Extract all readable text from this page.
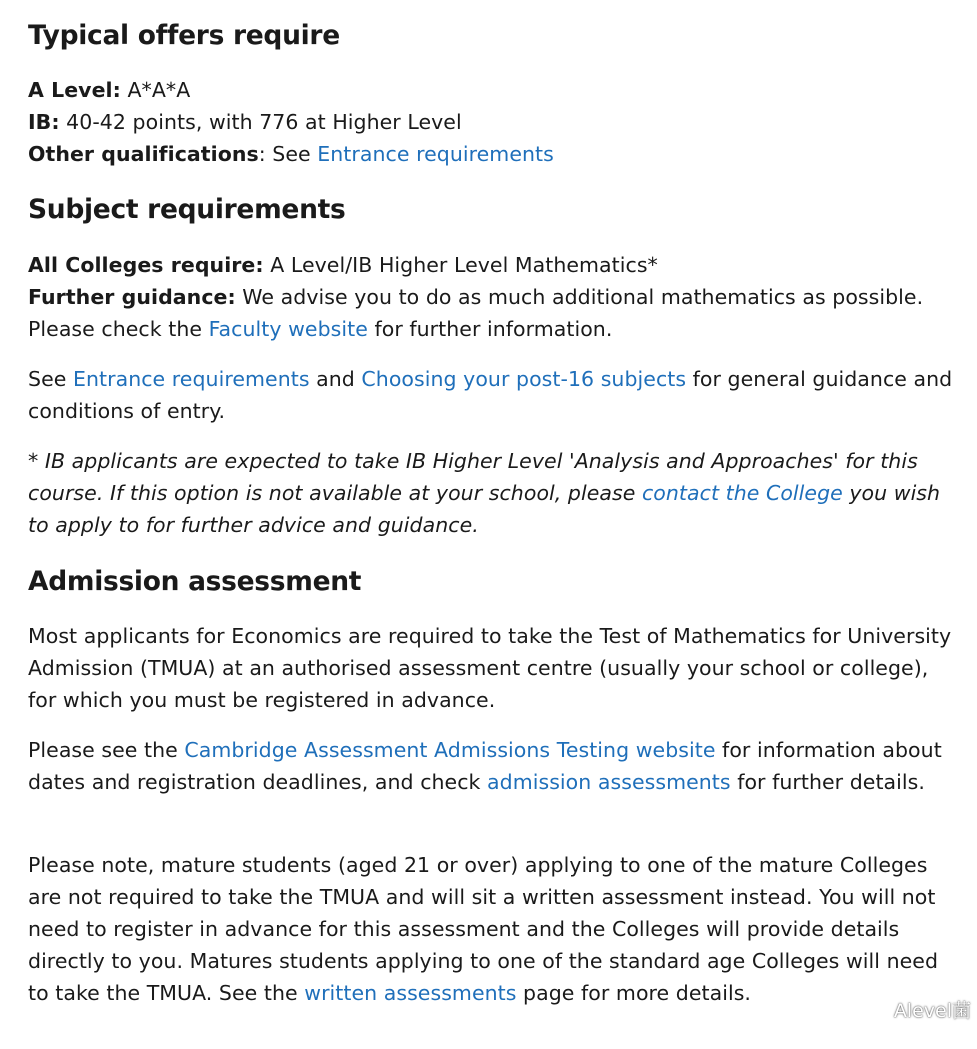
Typical offers require

A Level: A*A*A
IB: 40-42 points, with 776 at Higher Level
Other qualifications: See Entrance requirements

Subject requirements

All Colleges require: A Level/IB Higher Level Mathematics*
Further guidance: We advise you to do as much additional mathematics as possible. Please check the Faculty website for further information.

See Entrance requirements and Choosing your post-16 subjects for general guidance and conditions of entry.

* IB applicants are expected to take IB Higher Level 'Analysis and Approaches' for this course. If this option is not available at your school, please contact the College you wish to apply to for further advice and guidance.

Admission assessment

Most applicants for Economics are required to take the Test of Mathematics for University Admission (TMUA) at an authorised assessment centre (usually your school or college), for which you must be registered in advance.

Please see the Cambridge Assessment Admissions Testing website for information about dates and registration deadlines, and check admission assessments for further details.

Please note, mature students (aged 21 or over) applying to one of the mature Colleges are not required to take the TMUA and will sit a written assessment instead. You will not need to register in advance for this assessment and the Colleges will provide details directly to you. Matures students applying to one of the standard age Colleges will need to take the TMUA. See the written assessments page for more details.

Alevel菌
